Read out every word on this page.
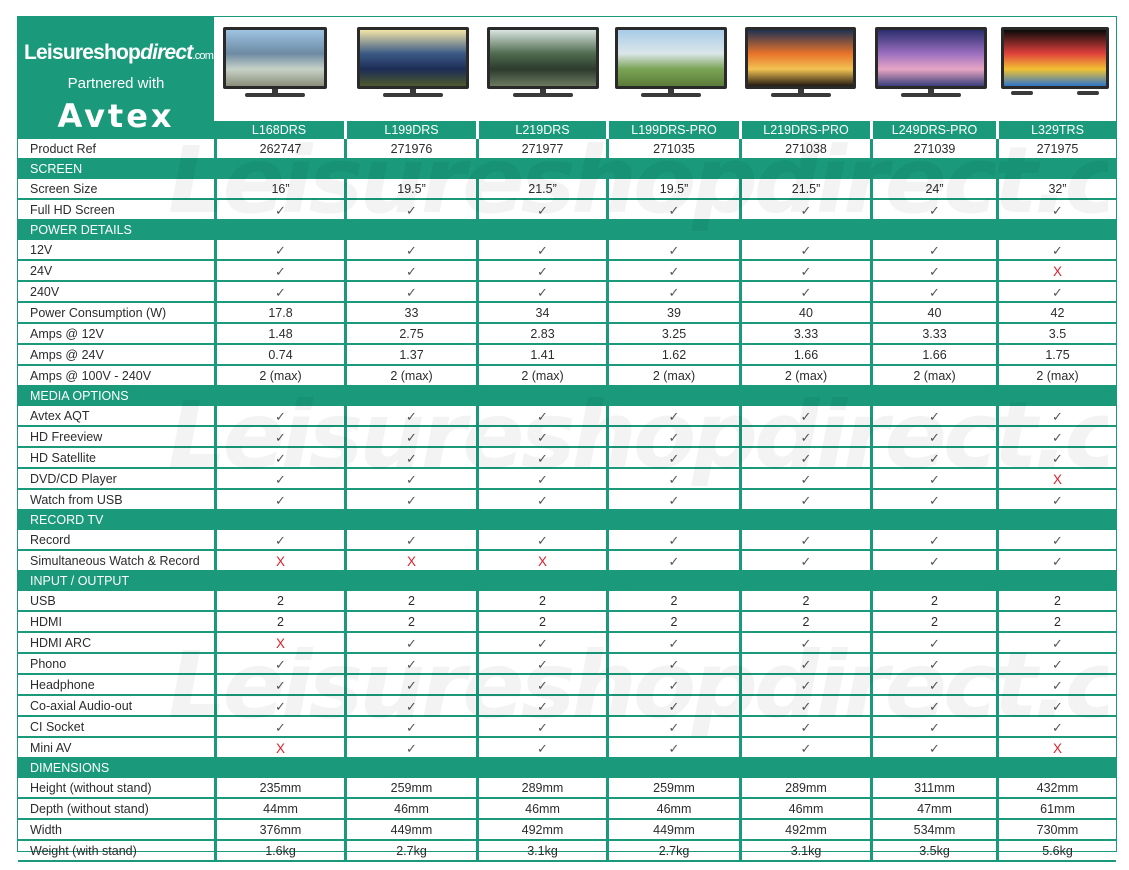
Leisureshopdirect.com
Partnered with
Avtex	L168DRS	L199DRS	L219DRS	L199DRS-PRO	L219DRS-PRO	L249DRS-PRO	L329TRS
Product Ref	262747	271976	271977	271035	271038	271039	271975
SCREEN
Screen Size	16”	19.5”	21.5”	19.5”	21.5”	24”	32”
Full HD Screen	✓	✓	✓	✓	✓	✓	✓
POWER DETAILS
12V	✓	✓	✓	✓	✓	✓	✓
24V	✓	✓	✓	✓	✓	✓	X
240V	✓	✓	✓	✓	✓	✓	✓
Power Consumption (W)	17.8	33	34	39	40	40	42
Amps @ 12V	1.48	2.75	2.83	3.25	3.33	3.33	3.5
Amps @ 24V	0.74	1.37	1.41	1.62	1.66	1.66	1.75
Amps @ 100V - 240V	2 (max)	2 (max)	2 (max)	2 (max)	2 (max)	2 (max)	2 (max)
MEDIA OPTIONS
Avtex AQT	✓	✓	✓	✓	✓	✓	✓
HD Freeview	✓	✓	✓	✓	✓	✓	✓
HD Satellite	✓	✓	✓	✓	✓	✓	✓
DVD/CD Player	✓	✓	✓	✓	✓	✓	X
Watch from USB	✓	✓	✓	✓	✓	✓	✓
RECORD TV
Record	✓	✓	✓	✓	✓	✓	✓
Simultaneous Watch & Record	X	X	X	✓	✓	✓	✓
INPUT / OUTPUT
USB	2	2	2	2	2	2	2
HDMI	2	2	2	2	2	2	2
HDMI ARC	X	✓	✓	✓	✓	✓	✓
Phono	✓	✓	✓	✓	✓	✓	✓
Headphone	✓	✓	✓	✓	✓	✓	✓
Co-axial Audio-out	✓	✓	✓	✓	✓	✓	✓
CI Socket	✓	✓	✓	✓	✓	✓	✓
Mini AV	X	✓	✓	✓	✓	✓	X
DIMENSIONS
Height (without stand)	235mm	259mm	289mm	259mm	289mm	311mm	432mm
Depth (without stand)	44mm	46mm	46mm	46mm	46mm	47mm	61mm
Width	376mm	449mm	492mm	449mm	492mm	534mm	730mm
Weight (with stand)	1.6kg	2.7kg	3.1kg	2.7kg	3.1kg	3.5kg	5.6kg
